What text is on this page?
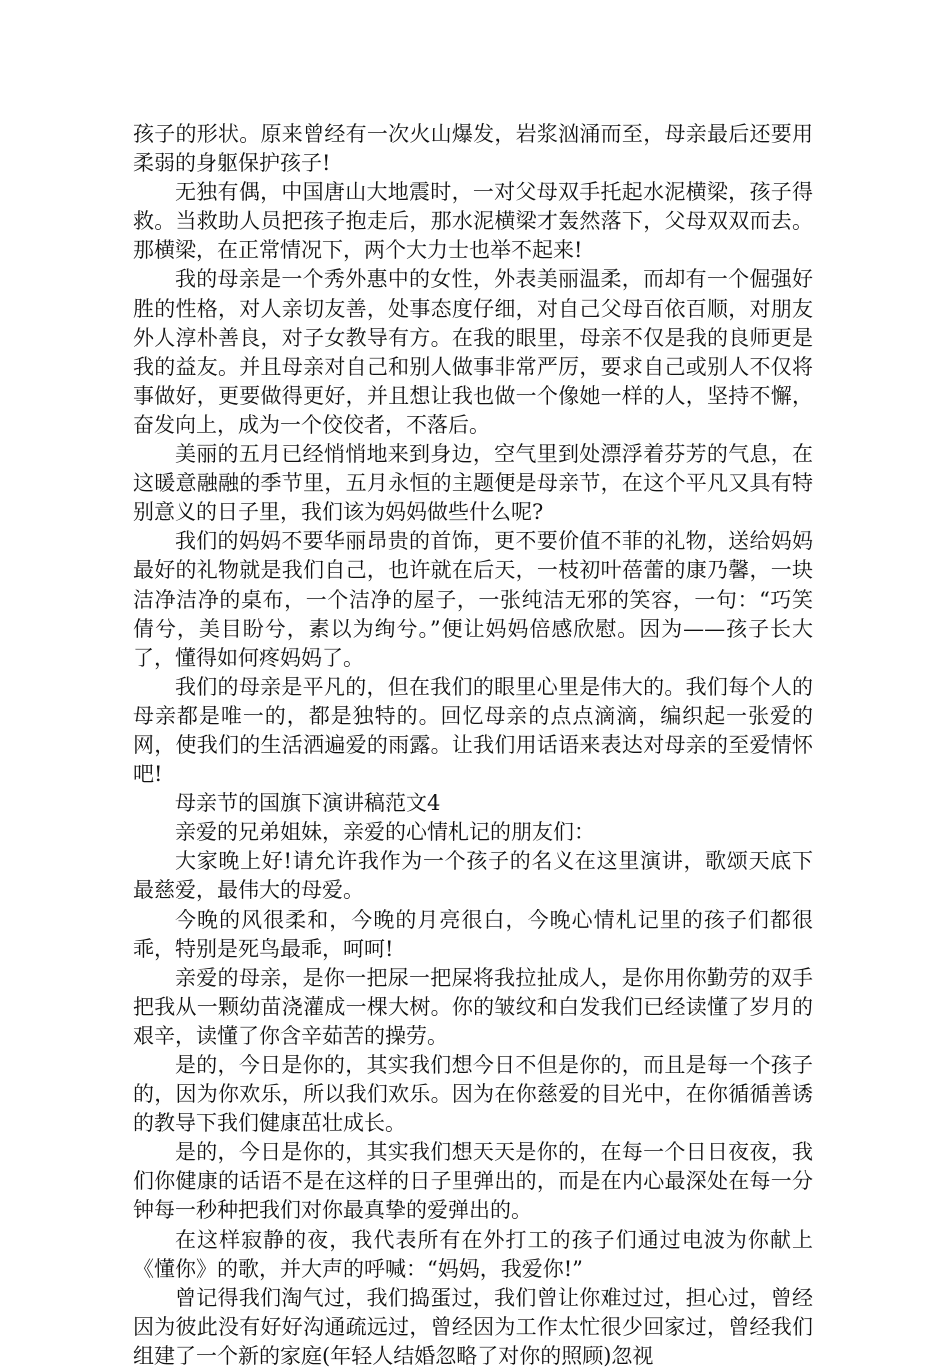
孩子的形状。原来曾经有一次火山爆发，岩浆汹涌而至，母亲最后还要用柔弱的身躯保护孩子!

无独有偶，中国唐山大地震时，一对父母双手托起水泥横梁，孩子得救。当救助人员把孩子抱走后，那水泥横梁才轰然落下，父母双双而去。那横梁，在正常情况下，两个大力士也举不起来!

我的母亲是一个秀外惠中的女性，外表美丽温柔，而却有一个倔强好胜的性格，对人亲切友善，处事态度仔细，对自己父母百依百顺，对朋友外人淳朴善良，对子女教导有方。在我的眼里，母亲不仅是我的良师更是我的益友。并且母亲对自己和别人做事非常严厉，要求自己或别人不仅将事做好，更要做得更好，并且想让我也做一个像她一样的人，坚持不懈，奋发向上，成为一个佼佼者，不落后。

美丽的五月已经悄悄地来到身边，空气里到处漂浮着芬芳的气息，在这暖意融融的季节里，五月永恒的主题便是母亲节，在这个平凡又具有特别意义的日子里，我们该为妈妈做些什么呢?

我们的妈妈不要华丽昂贵的首饰，更不要价值不菲的礼物，送给妈妈最好的礼物就是我们自己，也许就在后天，一枝初叶蓓蕾的康乃馨，一块洁净洁净的桌布，一个洁净的屋子，一张纯洁无邪的笑容，一句：“巧笑倩兮，美目盼兮，素以为绚兮。”便让妈妈倍感欣慰。因为——孩子长大了，懂得如何疼妈妈了。

我们的母亲是平凡的，但在我们的眼里心里是伟大的。我们每个人的母亲都是唯一的，都是独特的。回忆母亲的点点滴滴，编织起一张爱的网，使我们的生活洒遍爱的雨露。让我们用话语来表达对母亲的至爱情怀吧!

母亲节的国旗下演讲稿范文4

亲爱的兄弟姐妹，亲爱的心情札记的朋友们：

大家晚上好!请允许我作为一个孩子的名义在这里演讲，歌颂天底下最慈爱，最伟大的母爱。

今晚的风很柔和，今晚的月亮很白，今晚心情札记里的孩子们都很乖，特别是死鸟最乖，呵呵!

亲爱的母亲，是你一把尿一把屎将我拉扯成人，是你用你勤劳的双手把我从一颗幼苗浇灌成一棵大树。你的皱纹和白发我们已经读懂了岁月的艰辛，读懂了你含辛茹苦的操劳。

是的，今日是你的，其实我们想今日不但是你的，而且是每一个孩子的，因为你欢乐，所以我们欢乐。因为在你慈爱的目光中，在你循循善诱的教导下我们健康茁壮成长。

是的，今日是你的，其实我们想天天是你的，在每一个日日夜夜，我们你健康的话语不是在这样的日子里弹出的，而是在内心最深处在每一分钟每一秒种把我们对你最真挚的爱弹出的。

在这样寂静的夜，我代表所有在外打工的孩子们通过电波为你献上《懂你》的歌，并大声的呼喊：“妈妈，我爱你!”

曾记得我们淘气过，我们捣蛋过，我们曾让你难过过，担心过，曾经因为彼此没有好好沟通疏远过，曾经因为工作太忙很少回家过，曾经我们组建了一个新的家庭(年轻人结婚忽略了对你的照顾)忽视
